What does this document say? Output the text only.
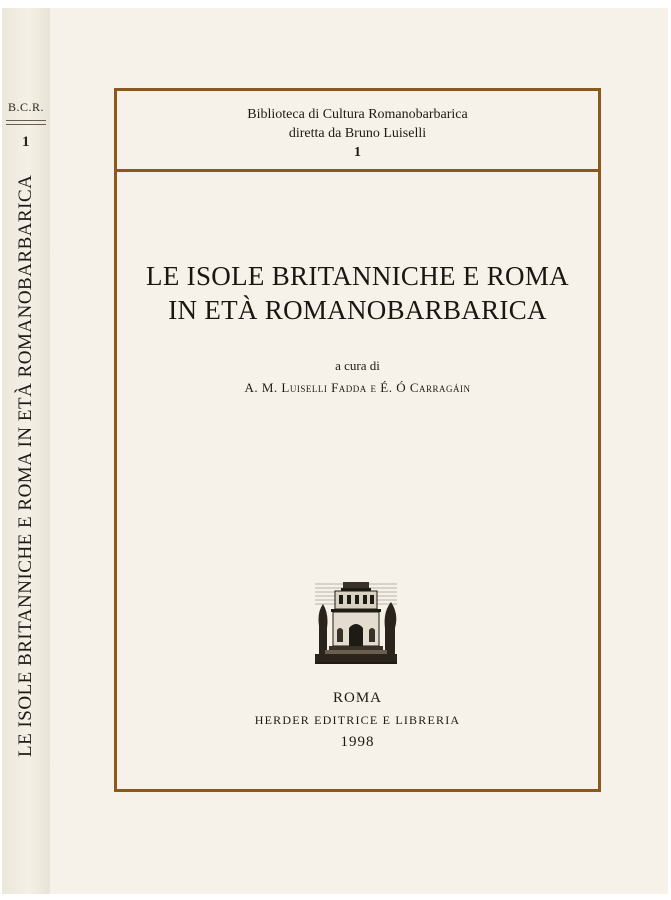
B.C.R.
1
LE ISOLE BRITANNICHE E ROMA IN ETÀ ROMANOBARBARICA
Biblioteca di Cultura Romanobarbarica
diretta da Bruno Luiselli
1
LE ISOLE BRITANNICHE E ROMA
IN ETÀ ROMANOBARBARICA
a cura di
A. M. Luiselli Fadda e É. Ó Carragáin
ROMA
HERDER EDITRICE E LIBRERIA
1998
